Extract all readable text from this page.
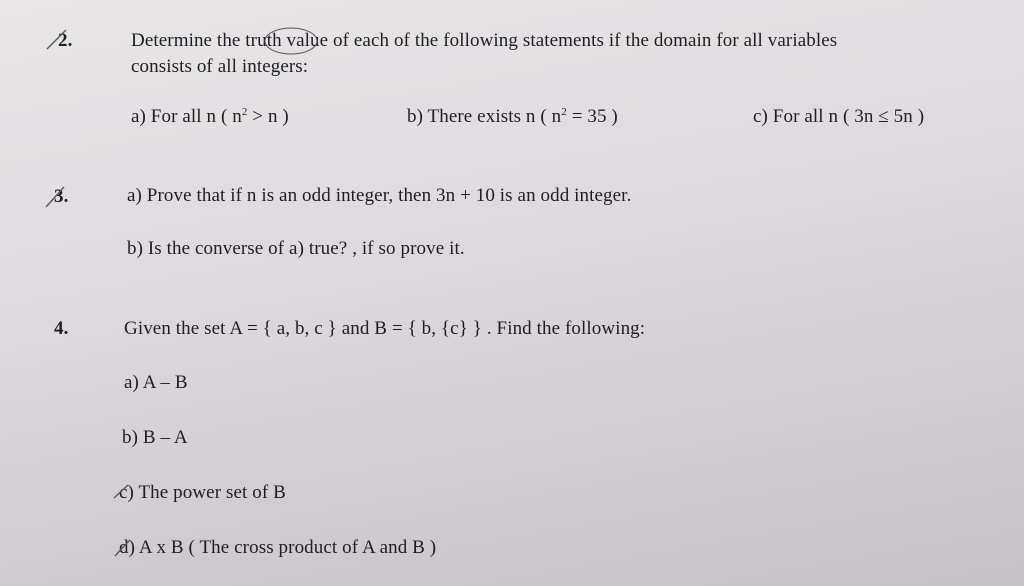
2.	Determine the truth value of each of the following statements if the domain for all variables
consists of all integers:
a) For all n ( $n^2 > n$ )	b) There exists n ( $n^2 = 35$ )	c) For all n ( 3n ≤ 5n )
3.	a) Prove that if n is an odd integer, then 3n + 10 is an odd integer.
b) Is the converse of a) true? , if so prove it.
4.	Given the set A = { a, b, c } and B = { b, {c} } . Find the following:
a) A – B
b) B – A
c) The power set of B
d) A x B ( The cross product of A and B )
